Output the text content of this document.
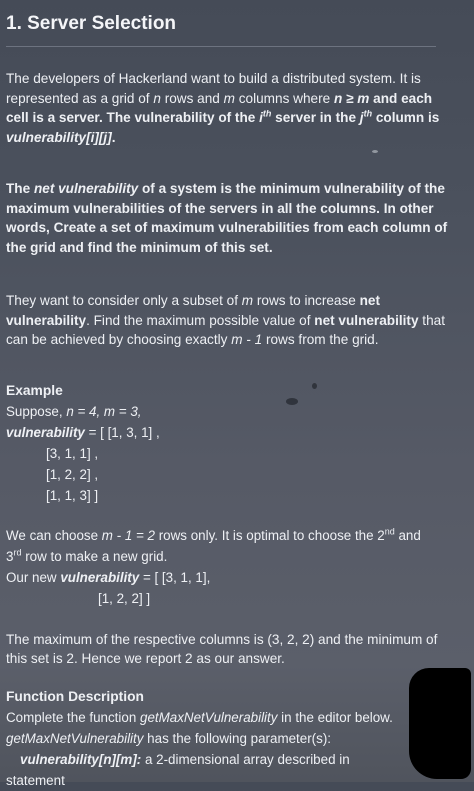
1. Server Selection

The developers of Hackerland want to build a distributed system. It is represented as a grid of n rows and m columns where n ≥ m and each cell is a server. The vulnerability of the $i^{th}$ server in the $j^{th}$ column is vulnerability[i][j].

The net vulnerability of a system is the minimum vulnerability of the maximum vulnerabilities of the servers in all the columns. In other words, Create a set of maximum vulnerabilities from each column of the grid and find the minimum of this set.

They want to consider only a subset of m rows to increase net vulnerability. Find the maximum possible value of net vulnerability that can be achieved by choosing exactly m - 1 rows from the grid.

Example
Suppose, n = 4, m = 3,
vulnerability = [ [1, 3, 1] ,
[3, 1, 1] ,
[1, 2, 2] ,
[1, 1, 3] ]
We can choose m - 1 = 2 rows only. It is optimal to choose the 2nd and
3rd row to make a new grid.
Our new vulnerability = [ [3, 1, 1],
[1, 2, 2] ]

The maximum of the respective columns is (3, 2, 2) and the minimum of this set is 2. Hence we report 2 as our answer.

Function Description
Complete the function getMaxNetVulnerability in the editor below.
getMaxNetVulnerability has the following parameter(s):
vulnerability[n][m]: a 2-dimensional array described in
statement
